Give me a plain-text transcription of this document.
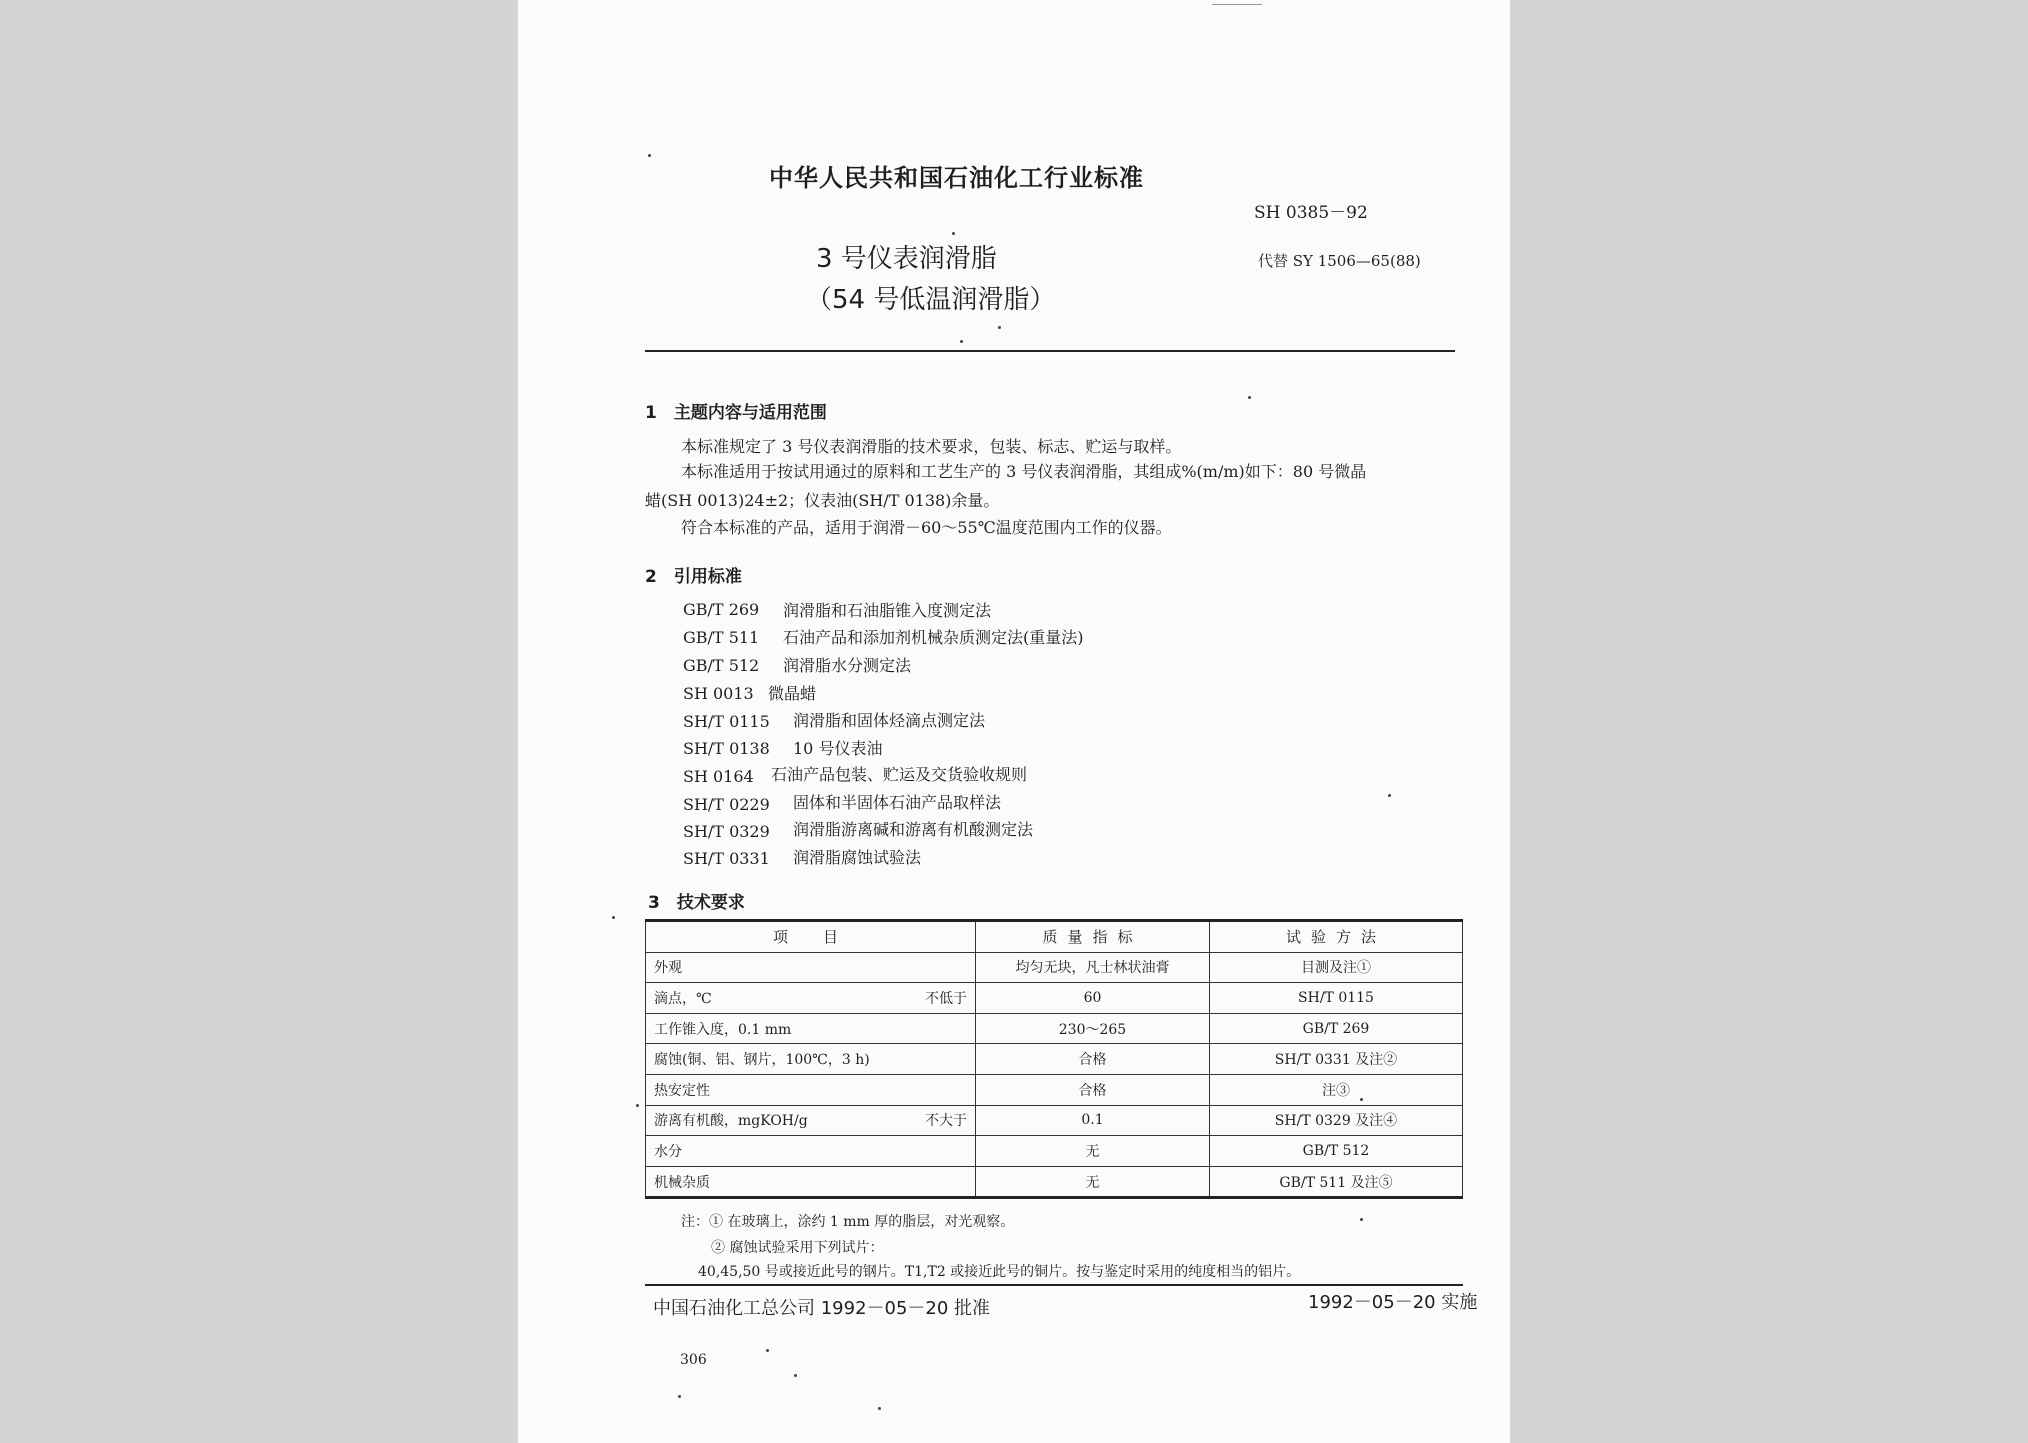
中华人民共和国石油化工行业标准
SH 0385－92
3 号仪表润滑脂
（54 号低温润滑脂）
代替 SY 1506—65(88)
1　主题内容与适用范围
本标准规定了 3 号仪表润滑脂的技术要求，包装、标志、贮运与取样。
本标准适用于按试用通过的原料和工艺生产的 3 号仪表润滑脂，其组成%(m/m)如下：80 号微晶
蜡(SH 0013)24±2；仪表油(SH/T 0138)余量。
符合本标准的产品，适用于润滑－60～55℃温度范围内工作的仪器。
2　引用标准
GB/T 269 润滑脂和石油脂锥入度测定法
GB/T 511 石油产品和添加剂机械杂质测定法(重量法)
GB/T 512 润滑脂水分测定法
SH 0013 微晶蜡
SH/T 0115 润滑脂和固体烃滴点测定法
SH/T 0138 10 号仪表油
SH 0164 石油产品包装、贮运及交货验收规则
SH/T 0229 固体和半固体石油产品取样法
SH/T 0329 润滑脂游离碱和游离有机酸测定法
SH/T 0331 润滑脂腐蚀试验法
3　技术要求
项　目	质量指标	试验方法

外观	均匀无块，凡士林状油膏	目测及注①

滴点，℃ 不低于	60	SH/T 0115

工作锥入度，0.1 mm	230～265	GB/T 269

腐蚀(铜、铝、钢片，100℃，3 h)	合格	SH/T 0331 及注②

热安定性	合格	注③

游离有机酸，mgKOH/g 不大于	0.1	SH/T 0329 及注④

水分	无	GB/T 512

机械杂质	无	GB/T 511 及注⑤
注：① 在玻璃上，涂约 1 mm 厚的脂层，对光观察。
② 腐蚀试验采用下列试片：
40,45,50 号或接近此号的钢片。T1,T2 或接近此号的铜片。按与鉴定时采用的纯度相当的铝片。
中国石油化工总公司 1992－05－20 批准	1992－05－20 实施
306
